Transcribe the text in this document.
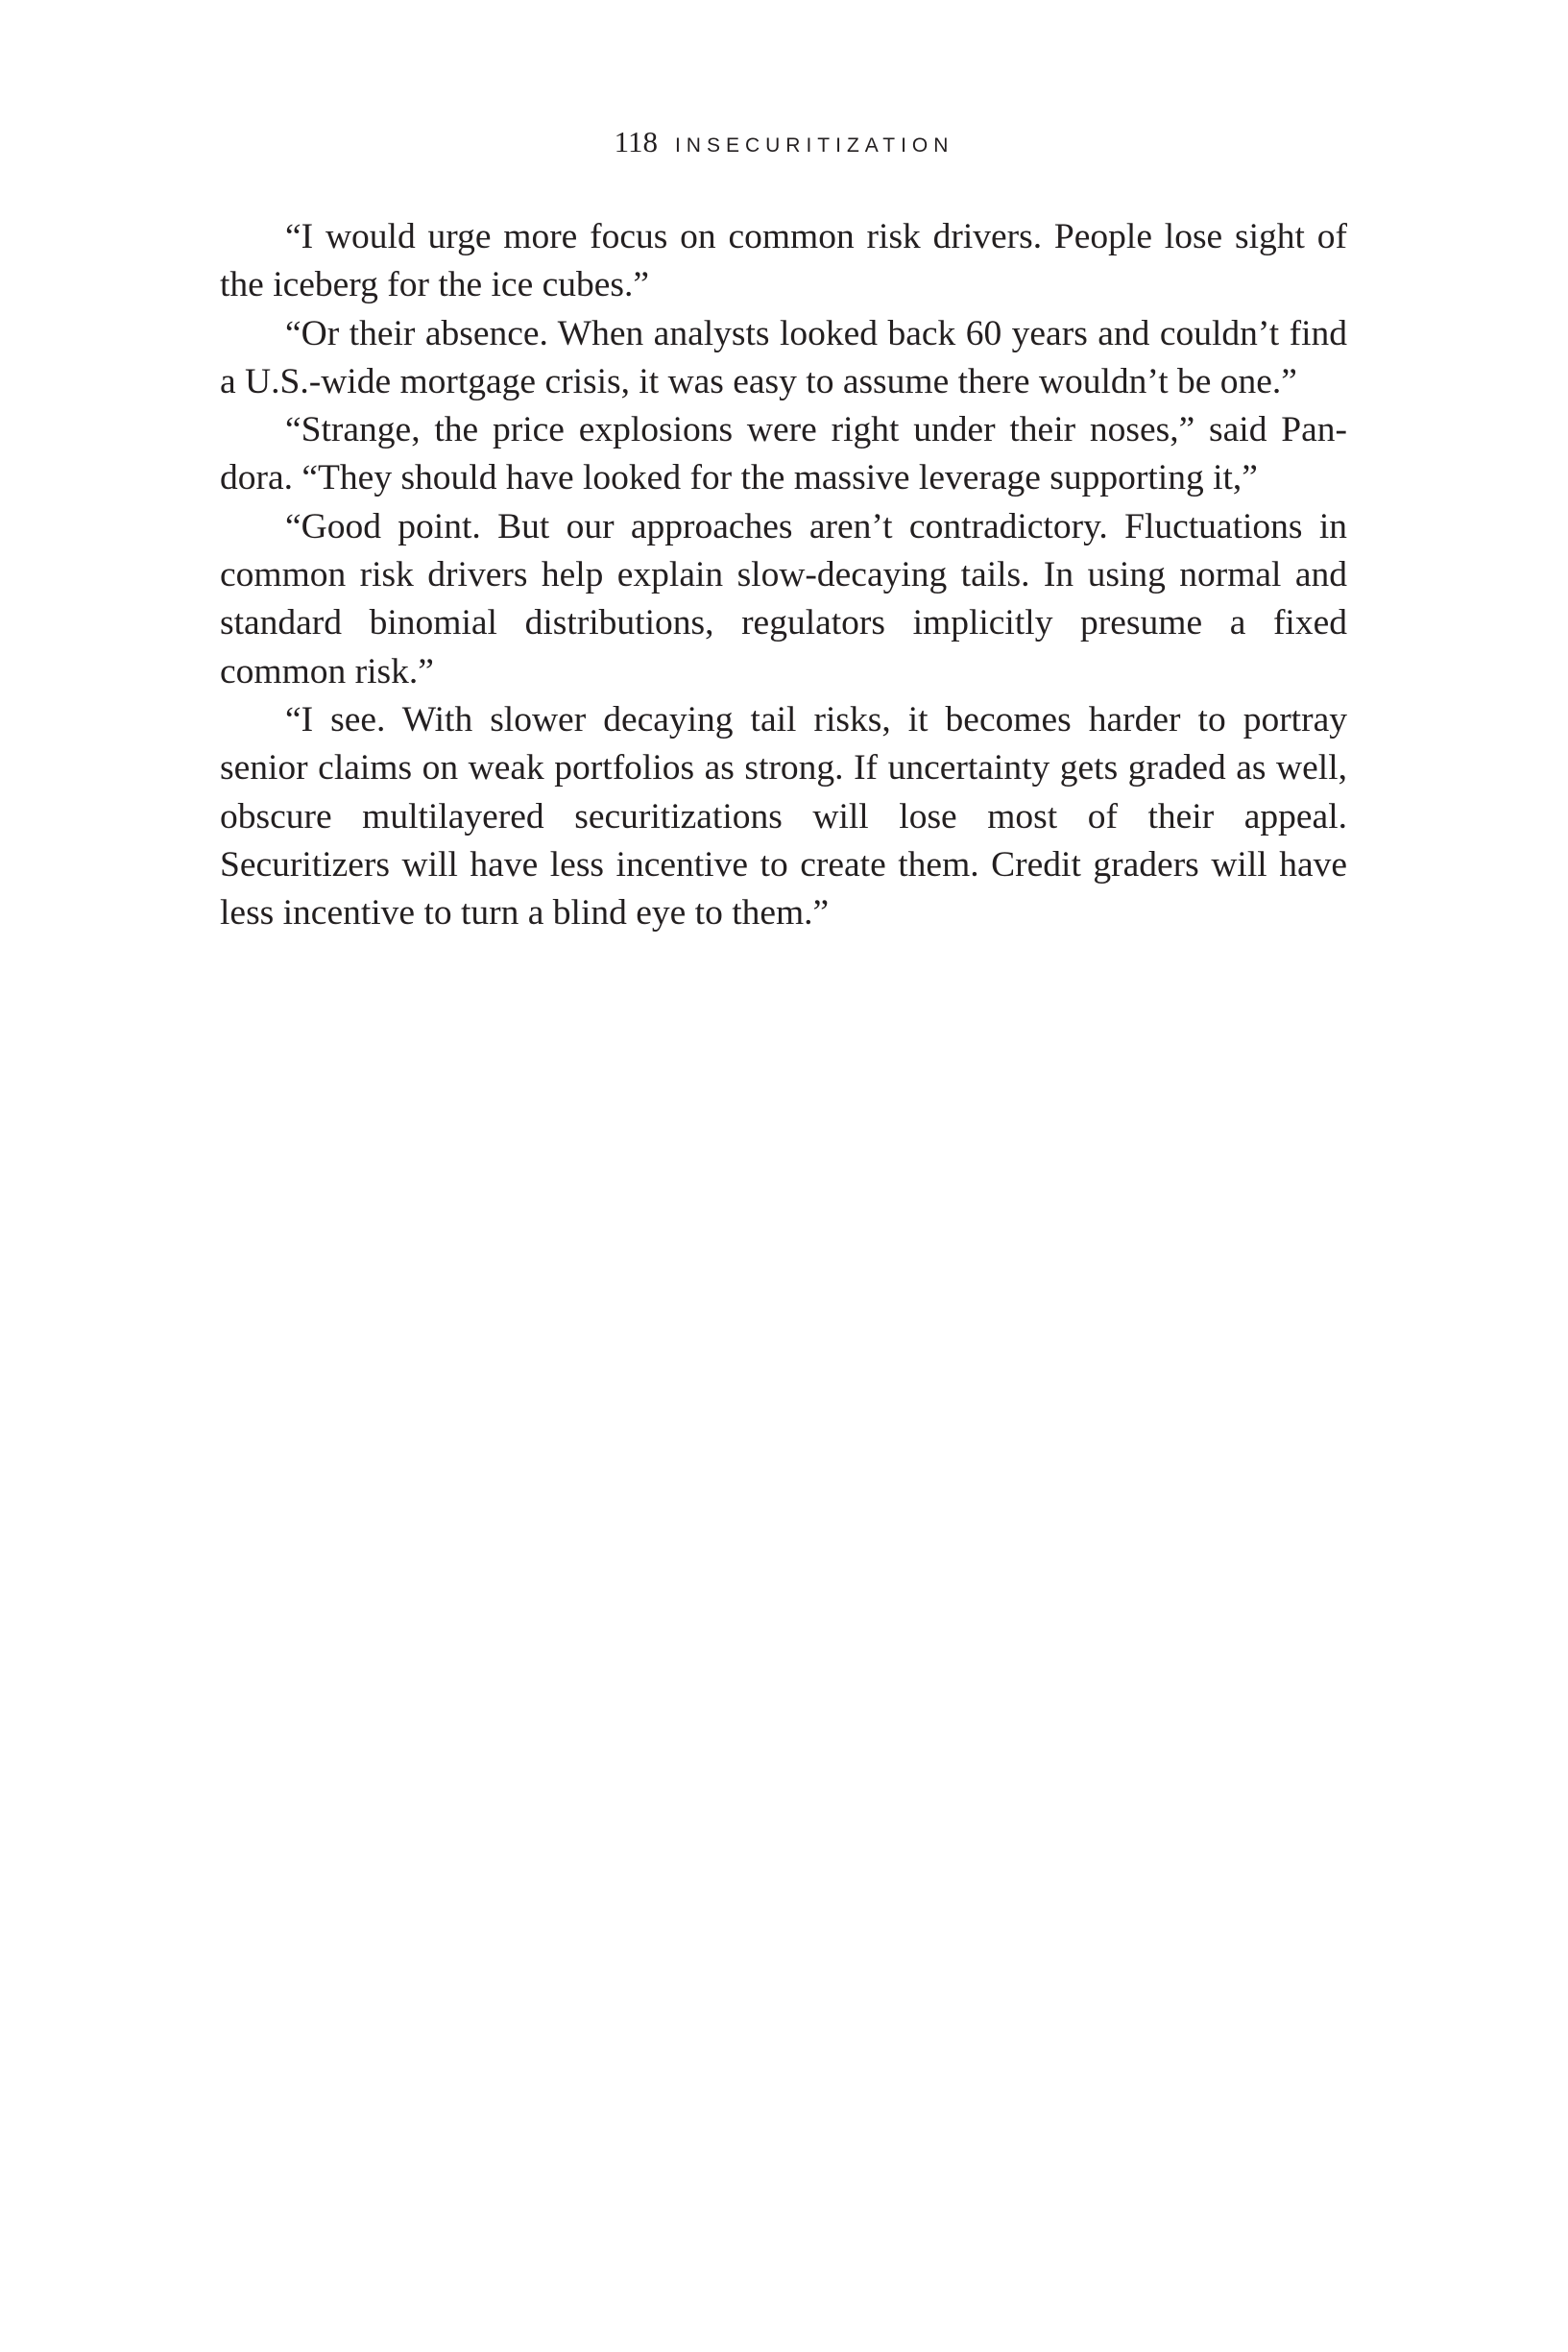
118 INSECURITIZATION

“I would urge more focus on common risk drivers. People lose sight of the iceberg for the ice cubes.”

“Or their absence. When analysts looked back 60 years and couldn’t find a U.S.-wide mortgage crisis, it was easy to assume there wouldn’t be one.”

“Strange, the price explosions were right under their noses,” said Pandora. “They should have looked for the massive leverage supporting it,”

“Good point. But our approaches aren’t contradictory. Fluctuations in common risk drivers help explain slow-decaying tails. In using normal and standard binomial distributions, regulators implicitly presume a fixed common risk.”

“I see. With slower decaying tail risks, it becomes harder to portray senior claims on weak portfolios as strong. If uncertainty gets graded as well, obscure multilayered securitizations will lose most of their appeal. Securitizers will have less incentive to create them. Credit graders will have less incentive to turn a blind eye to them.”
